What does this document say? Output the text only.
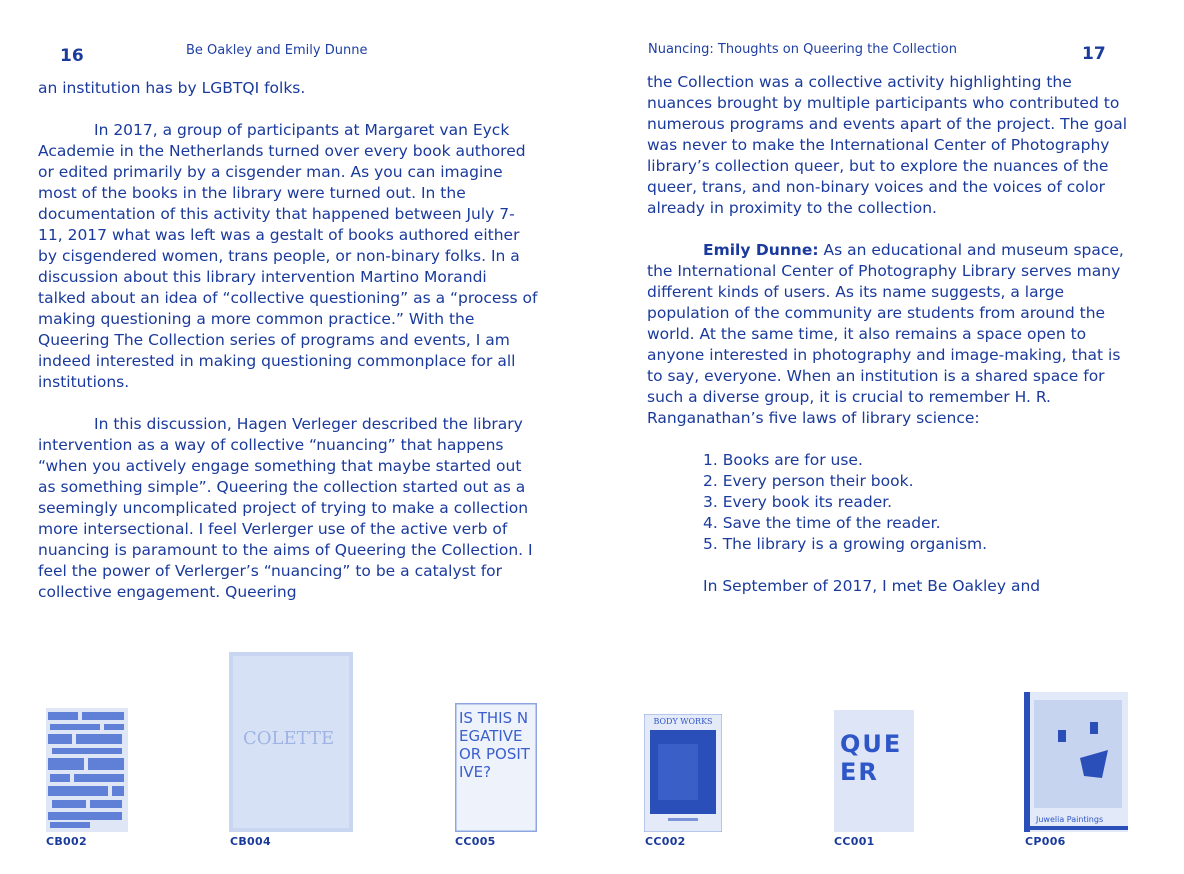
16	Be Oakley and Emily Dunne

an institution has by LGBTQI folks.

In 2017, a group of participants at Margaret van Eyck Academie in the Netherlands turned over every book authored or edited primarily by a cisgender man. As you can imagine most of the books in the library were turned out. In the documentation of this activity that happened between July 7-11, 2017 what was left was a gestalt of books authored either by cisgendered women, trans people, or non-binary folks. In a discussion about this library intervention Martino Morandi talked about an idea of “collective questioning” as a “process of making questioning a more common practice.” With the Queering The Collection series of programs and events, I am indeed interested in making questioning commonplace for all institutions.

In this discussion, Hagen Verleger described the library intervention as a way of collective “nuancing” that happens “when you actively engage something that maybe started out as something simple”. Queering the collection started out as a seemingly uncomplicated project of trying to make a collection more intersectional. I feel Verlerger use of the active verb of nuancing is paramount to the aims of Queering the Collection. I feel the power of Verlerger’s “nuancing” to be a catalyst for collective engagement. Queering

CB002
COLETTE
CB004
IS THIS NEGATIVE OR POSITIVE?
CC005
Nuancing: Thoughts on Queering the Collection	17

the Collection was a collective activity highlighting the nuances brought by multiple participants who contributed to numerous programs and events apart of the project. The goal was never to make the International Center of Photography library’s collection queer, but to explore the nuances of the queer, trans, and non-binary voices and the voices of color already in proximity to the collection.

Emily Dunne: As an educational and museum space, the International Center of Photography Library serves many different kinds of users. As its name suggests, a large population of the community are students from around the world. At the same time, it also remains a space open to anyone interested in photography and image-making, that is to say, everyone. When an institution is a shared space for such a diverse group, it is crucial to remember H. R. Ranganathan’s five laws of library science:

1. Books are for use.
2. Every person their book.
3. Every book its reader.
4. Save the time of the reader.
5. The library is a growing organism.

In September of 2017, I met Be Oakley and

BODY WORKS
CC002
QUEER
CC001
Juwelia Paintings
CP006
